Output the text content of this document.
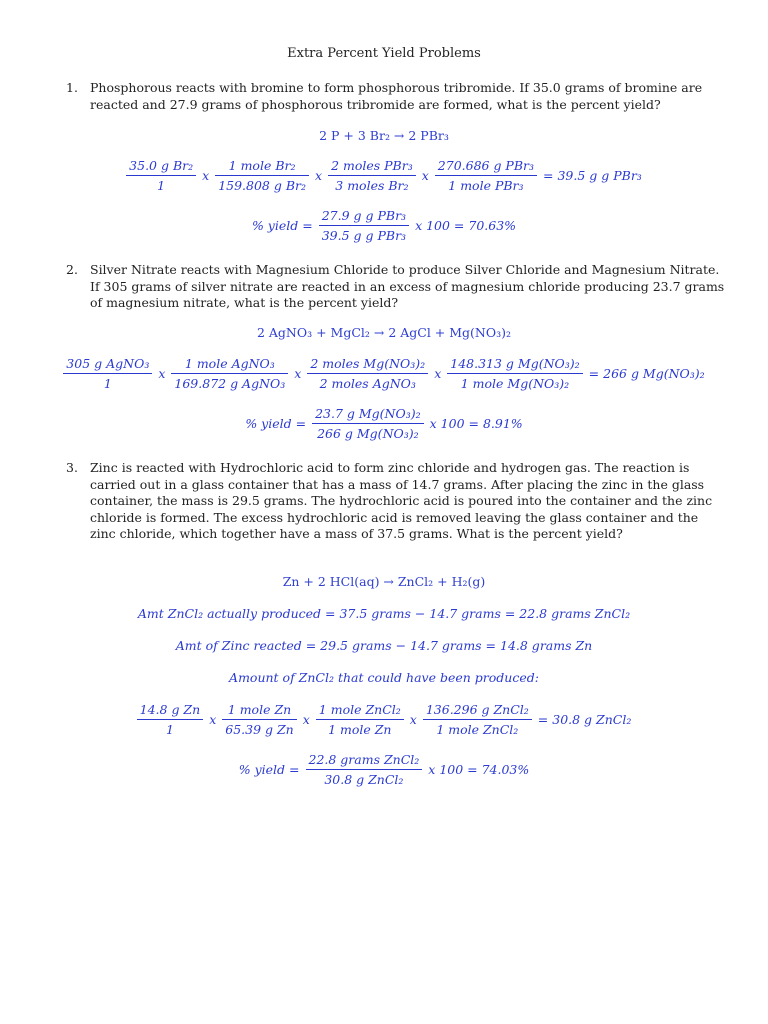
Extra Percent Yield Problems
1. Phosphorous reacts with bromine to form phosphorous tribromide. If 35.0 grams of bromine are reacted and 27.9 grams of phosphorous tribromide are formed, what is the percent yield?
2 P + 3 Br₂ → 2 PBr₃
$\frac{\text{35.0 g Br₂}}{1}$ x $\frac{\text{1 mole Br₂}}{\text{159.808 g Br₂}}$ x $\frac{\text{2 moles PBr₃}}{\text{3 moles Br₂}}$ x $\frac{\text{270.686 g PBr₃}}{\text{1 mole PBr₃}} = 39.5$ g g PBr₃
% yield = $\frac{\text{27.9 g g PBr₃}}{\text{39.5 g g PBr₃}}$ x 100 = 70.63%
2. Silver Nitrate reacts with Magnesium Chloride to produce Silver Chloride and Magnesium Nitrate. If 305 grams of silver nitrate are reacted in an excess of magnesium chloride producing 23.7 grams of magnesium nitrate, what is the percent yield?
2 AgNO₃ + MgCl₂ → 2 AgCl + Mg(NO₃)₂
$\frac{\text{305 g AgNO₃}}{1}$ x $\frac{\text{1 mole AgNO₃}}{\text{169.872 g AgNO₃}}$ x $\frac{\text{2 moles Mg(NO₃)₂}}{\text{2 moles AgNO₃}}$ x $\frac{\text{148.313 g Mg(NO₃)₂}}{\text{1 mole Mg(NO₃)₂}} = 266$ g Mg(NO₃)₂
% yield = $\frac{\text{23.7 g Mg(NO₃)₂}}{\text{266 g Mg(NO₃)₂}}$ x 100 = 8.91%
3. Zinc is reacted with Hydrochloric acid to form zinc chloride and hydrogen gas. The reaction is carried out in a glass container that has a mass of 14.7 grams. After placing the zinc in the glass container, the mass is 29.5 grams. The hydrochloric acid is poured into the container and the zinc chloride is formed. The excess hydrochloric acid is removed leaving the glass container and the zinc chloride, which together have a mass of 37.5 grams. What is the percent yield?
Zn + 2 HCl(aq) → ZnCl₂ + H₂(g)
Amt ZnCl₂ actually produced = 37.5 grams − 14.7 grams = 22.8 grams ZnCl₂
Amt of Zinc reacted = 29.5 grams − 14.7 grams = 14.8 grams Zn
Amount of ZnCl₂ that could have been produced:
$\frac{\text{14.8 g Zn}}{1}$ x $\frac{\text{1 mole Zn}}{\text{65.39 g Zn}}$ x $\frac{\text{1 mole ZnCl₂}}{\text{1 mole Zn}}$ x $\frac{\text{136.296 g ZnCl₂}}{\text{1 mole ZnCl₂}} = 30.8$ g ZnCl₂
% yield = $\frac{\text{22.8 grams ZnCl₂}}{\text{30.8 g ZnCl₂}}$ x 100 = 74.03%
